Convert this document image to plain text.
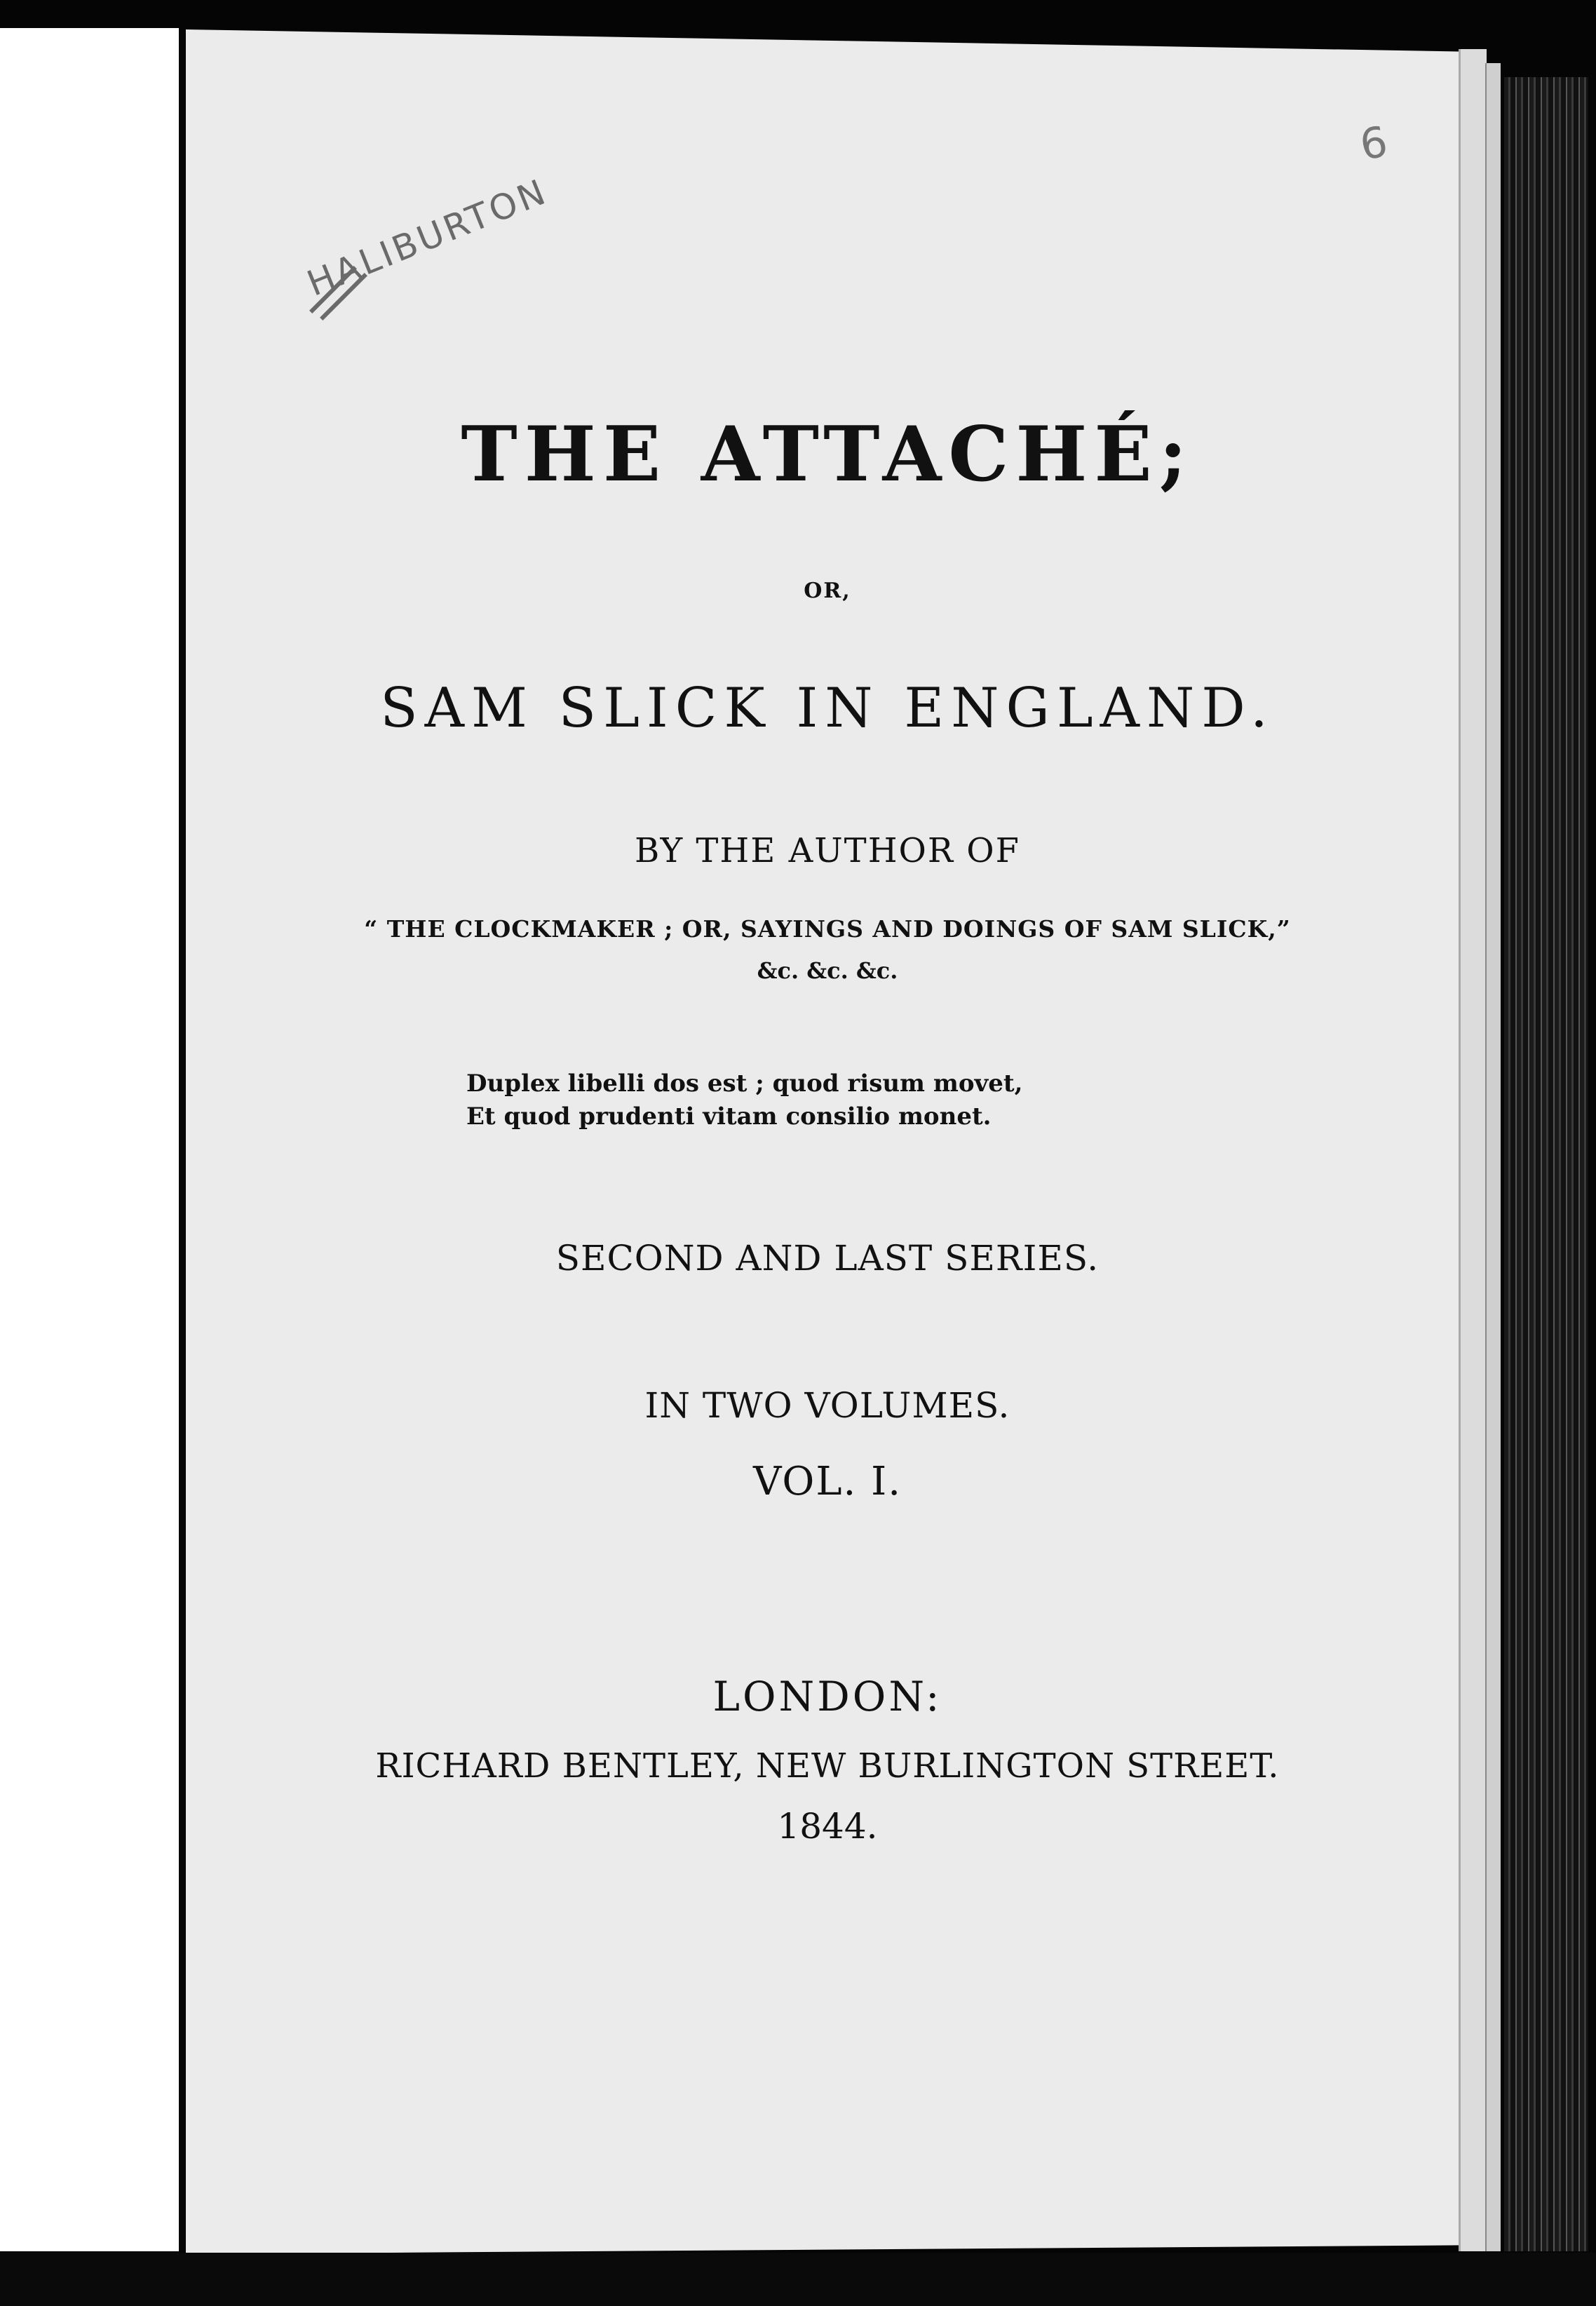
HALIBURTON
6
THE ATTACHÉ;
OR,
SAM SLICK IN ENGLAND.
BY THE AUTHOR OF
“ THE CLOCKMAKER ; OR, SAYINGS AND DOINGS OF SAM SLICK,”
&c. &c. &c.
Duplex libelli dos est ; quod risum movet,
Et quod prudenti vitam consilio monet.
SECOND AND LAST SERIES.
IN TWO VOLUMES.
VOL. I.
LONDON:
RICHARD BENTLEY, NEW BURLINGTON STREET.
1844.
